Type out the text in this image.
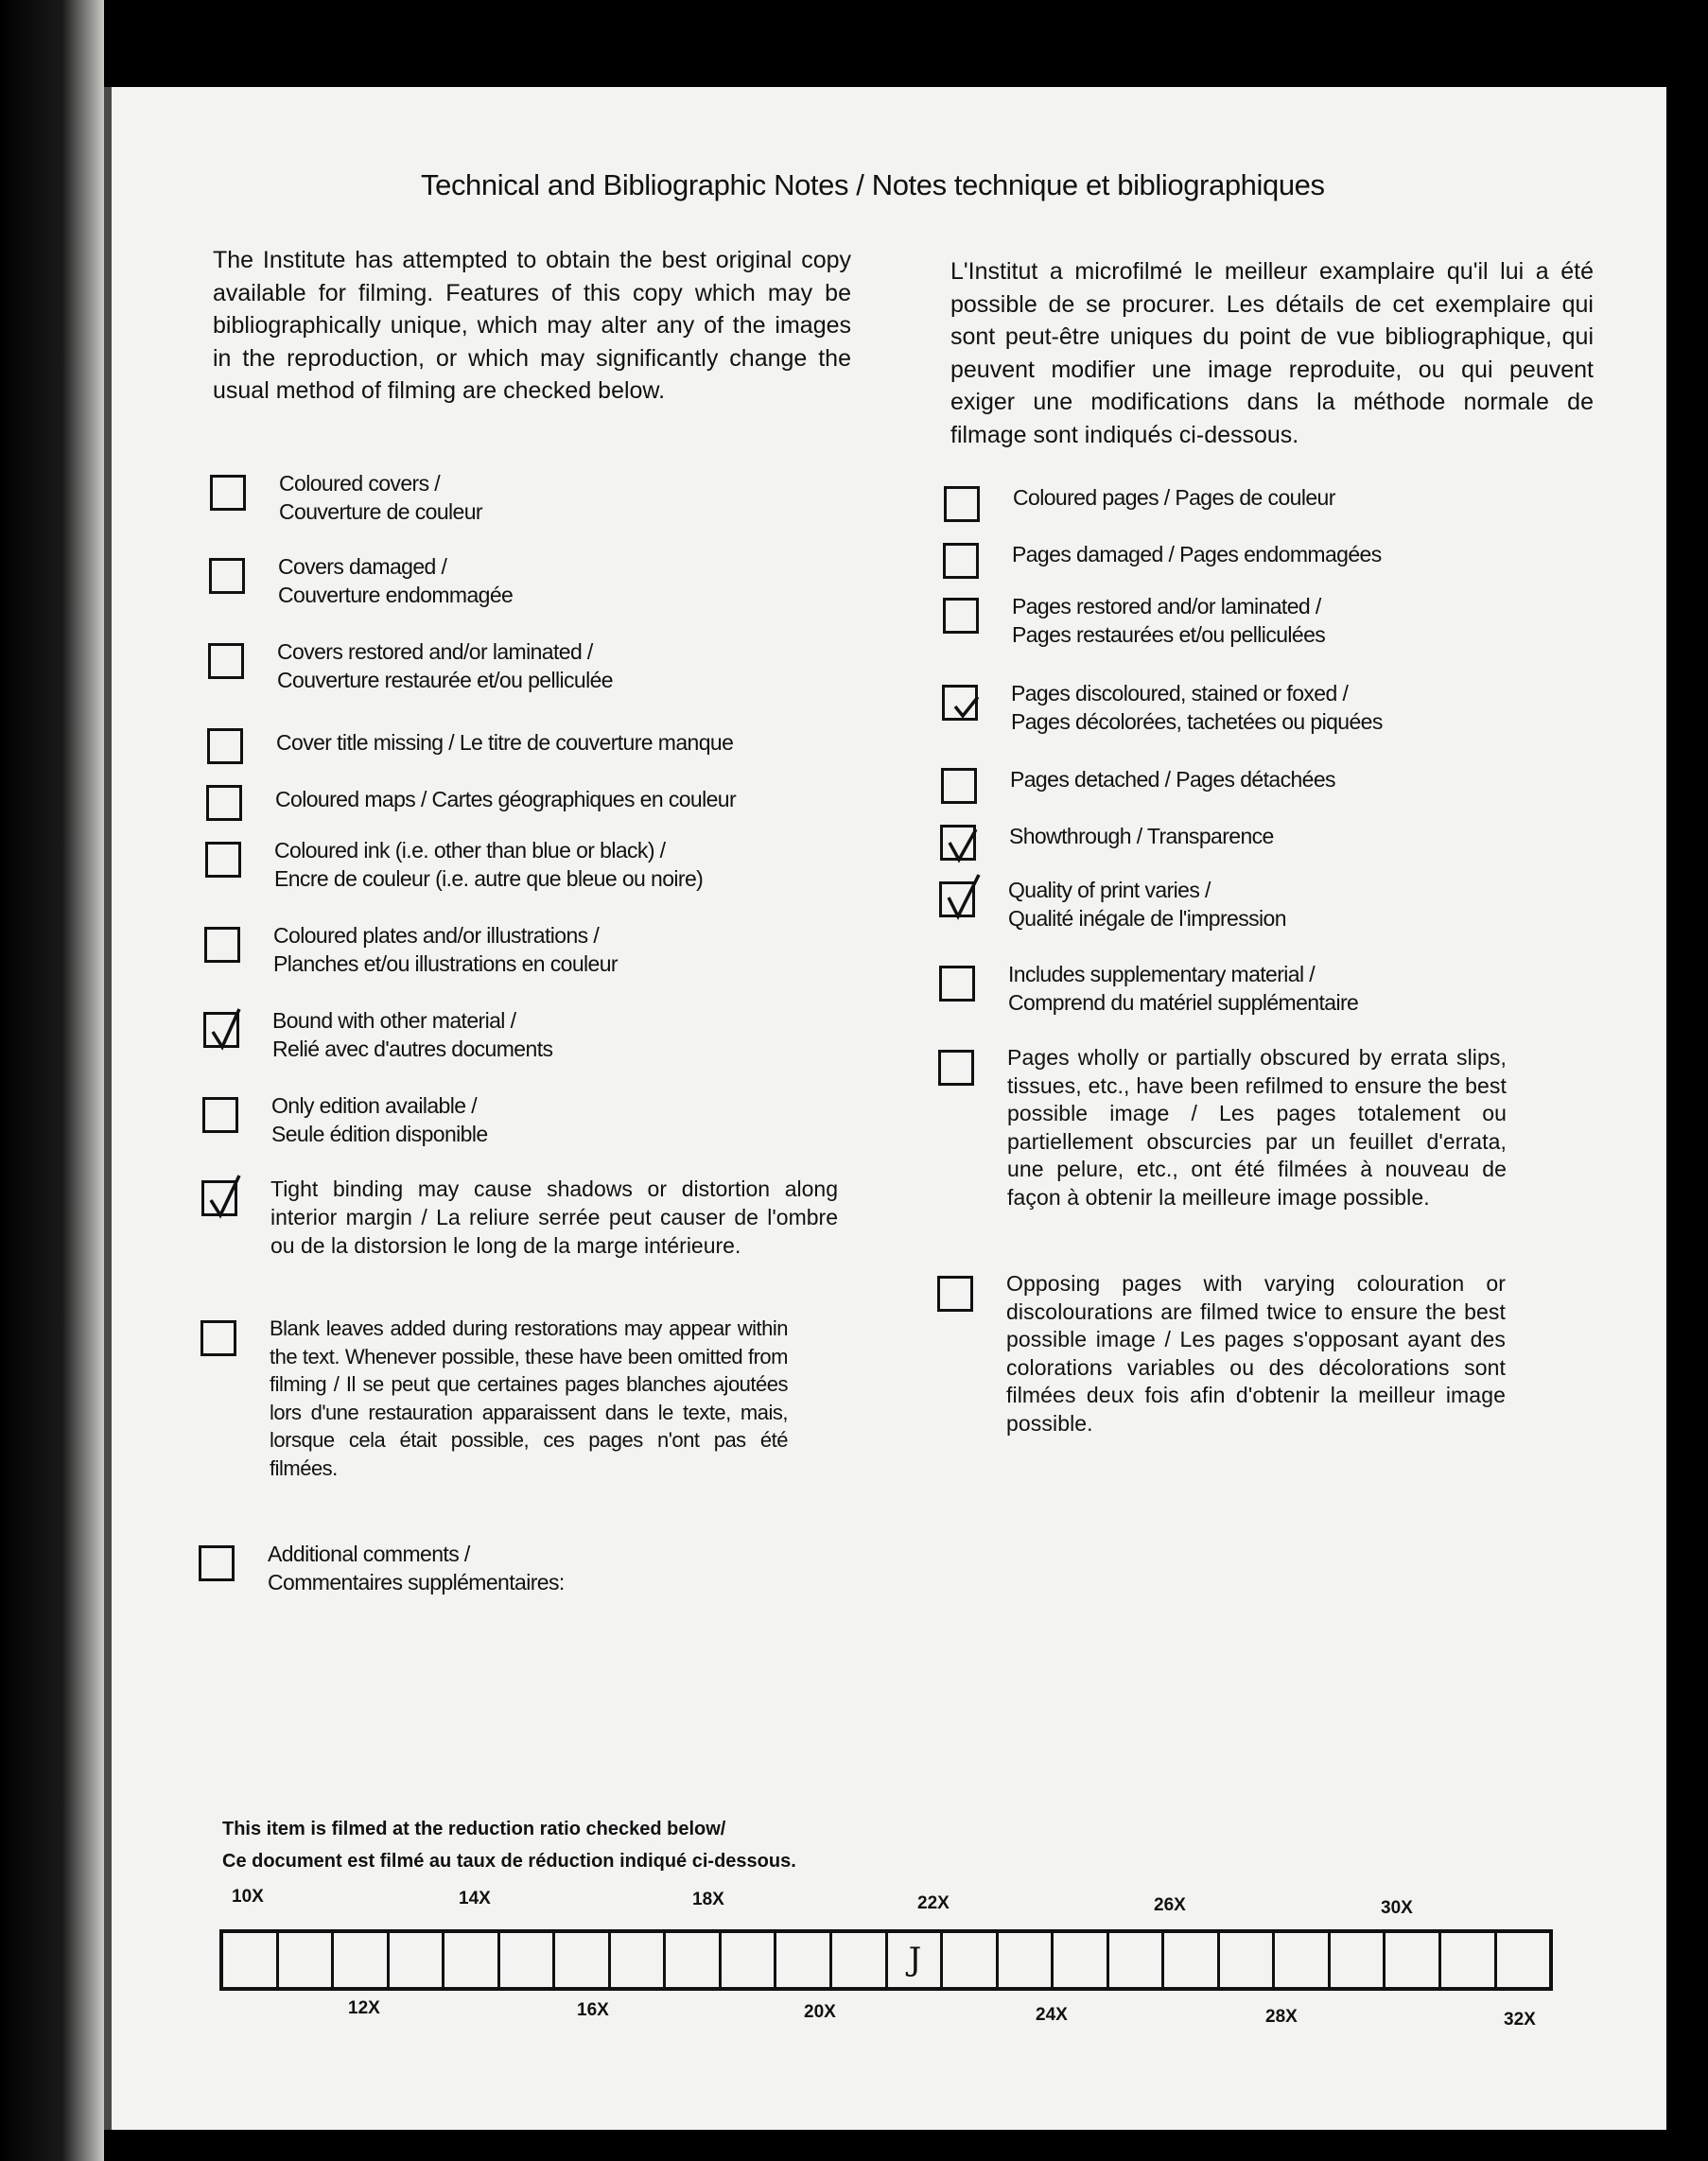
Technical and Bibliographic Notes / Notes technique et bibliographiques
The Institute has attempted to obtain the best original copy available for filming. Features of this copy which may be bibliographically unique, which may alter any of the images in the reproduction, or which may significantly change the usual method of filming are checked below.
L'Institut a microfilmé le meilleur examplaire qu'il lui a été possible de se procurer. Les détails de cet exemplaire qui sont peut-être uniques du point de vue bibliographique, qui peuvent modifier une image reproduite, ou qui peuvent exiger une modifications dans la méthode normale de filmage sont indiqués ci-dessous.
Coloured covers /
Couverture de couleur
Covers damaged /
Couverture endommagée
Covers restored and/or laminated /
Couverture restaurée et/ou pelliculée
Cover title missing / Le titre de couverture manque
Coloured maps / Cartes géographiques en couleur
Coloured ink (i.e. other than blue or black) /
Encre de couleur (i.e. autre que bleue ou noire)
Coloured plates and/or illustrations /
Planches et/ou illustrations en couleur
Bound with other material /
Relié avec d'autres documents
Only edition available /
Seule édition disponible
Tight binding may cause shadows or distortion along interior margin / La reliure serrée peut causer de l'ombre ou de la distorsion le long de la marge intérieure.
Blank leaves added during restorations may appear within the text. Whenever possible, these have been omitted from filming / Il se peut que certaines pages blanches ajoutées lors d'une restauration apparaissent dans le texte, mais, lorsque cela était possible, ces pages n'ont pas été filmées.
Additional comments /
Commentaires supplémentaires:
Coloured pages / Pages de couleur
Pages damaged / Pages endommagées
Pages restored and/or laminated /
Pages restaurées et/ou pelliculées
Pages discoloured, stained or foxed /
Pages décolorées, tachetées ou piquées
Pages detached / Pages détachées
Showthrough / Transparence
Quality of print varies /
Qualité inégale de l'impression
Includes supplementary material /
Comprend du matériel supplémentaire
Pages wholly or partially obscured by errata slips, tissues, etc., have been refilmed to ensure the best possible image / Les pages totalement ou partiellement obscurcies par un feuillet d'errata, une pelure, etc., ont été filmées à nouveau de façon à obtenir la meilleure image possible.
Opposing pages with varying colouration or discolourations are filmed twice to ensure the best possible image / Les pages s'opposant ayant des colorations variables ou des décolorations sont filmées deux fois afin d'obtenir la meilleur image possible.
This item is filmed at the reduction ratio checked below/
Ce document est filmé au taux de réduction indiqué ci-dessous.
10X	14X	18X	22X	26X	30X
J
12X	16X	20X	24X	28X	32X
